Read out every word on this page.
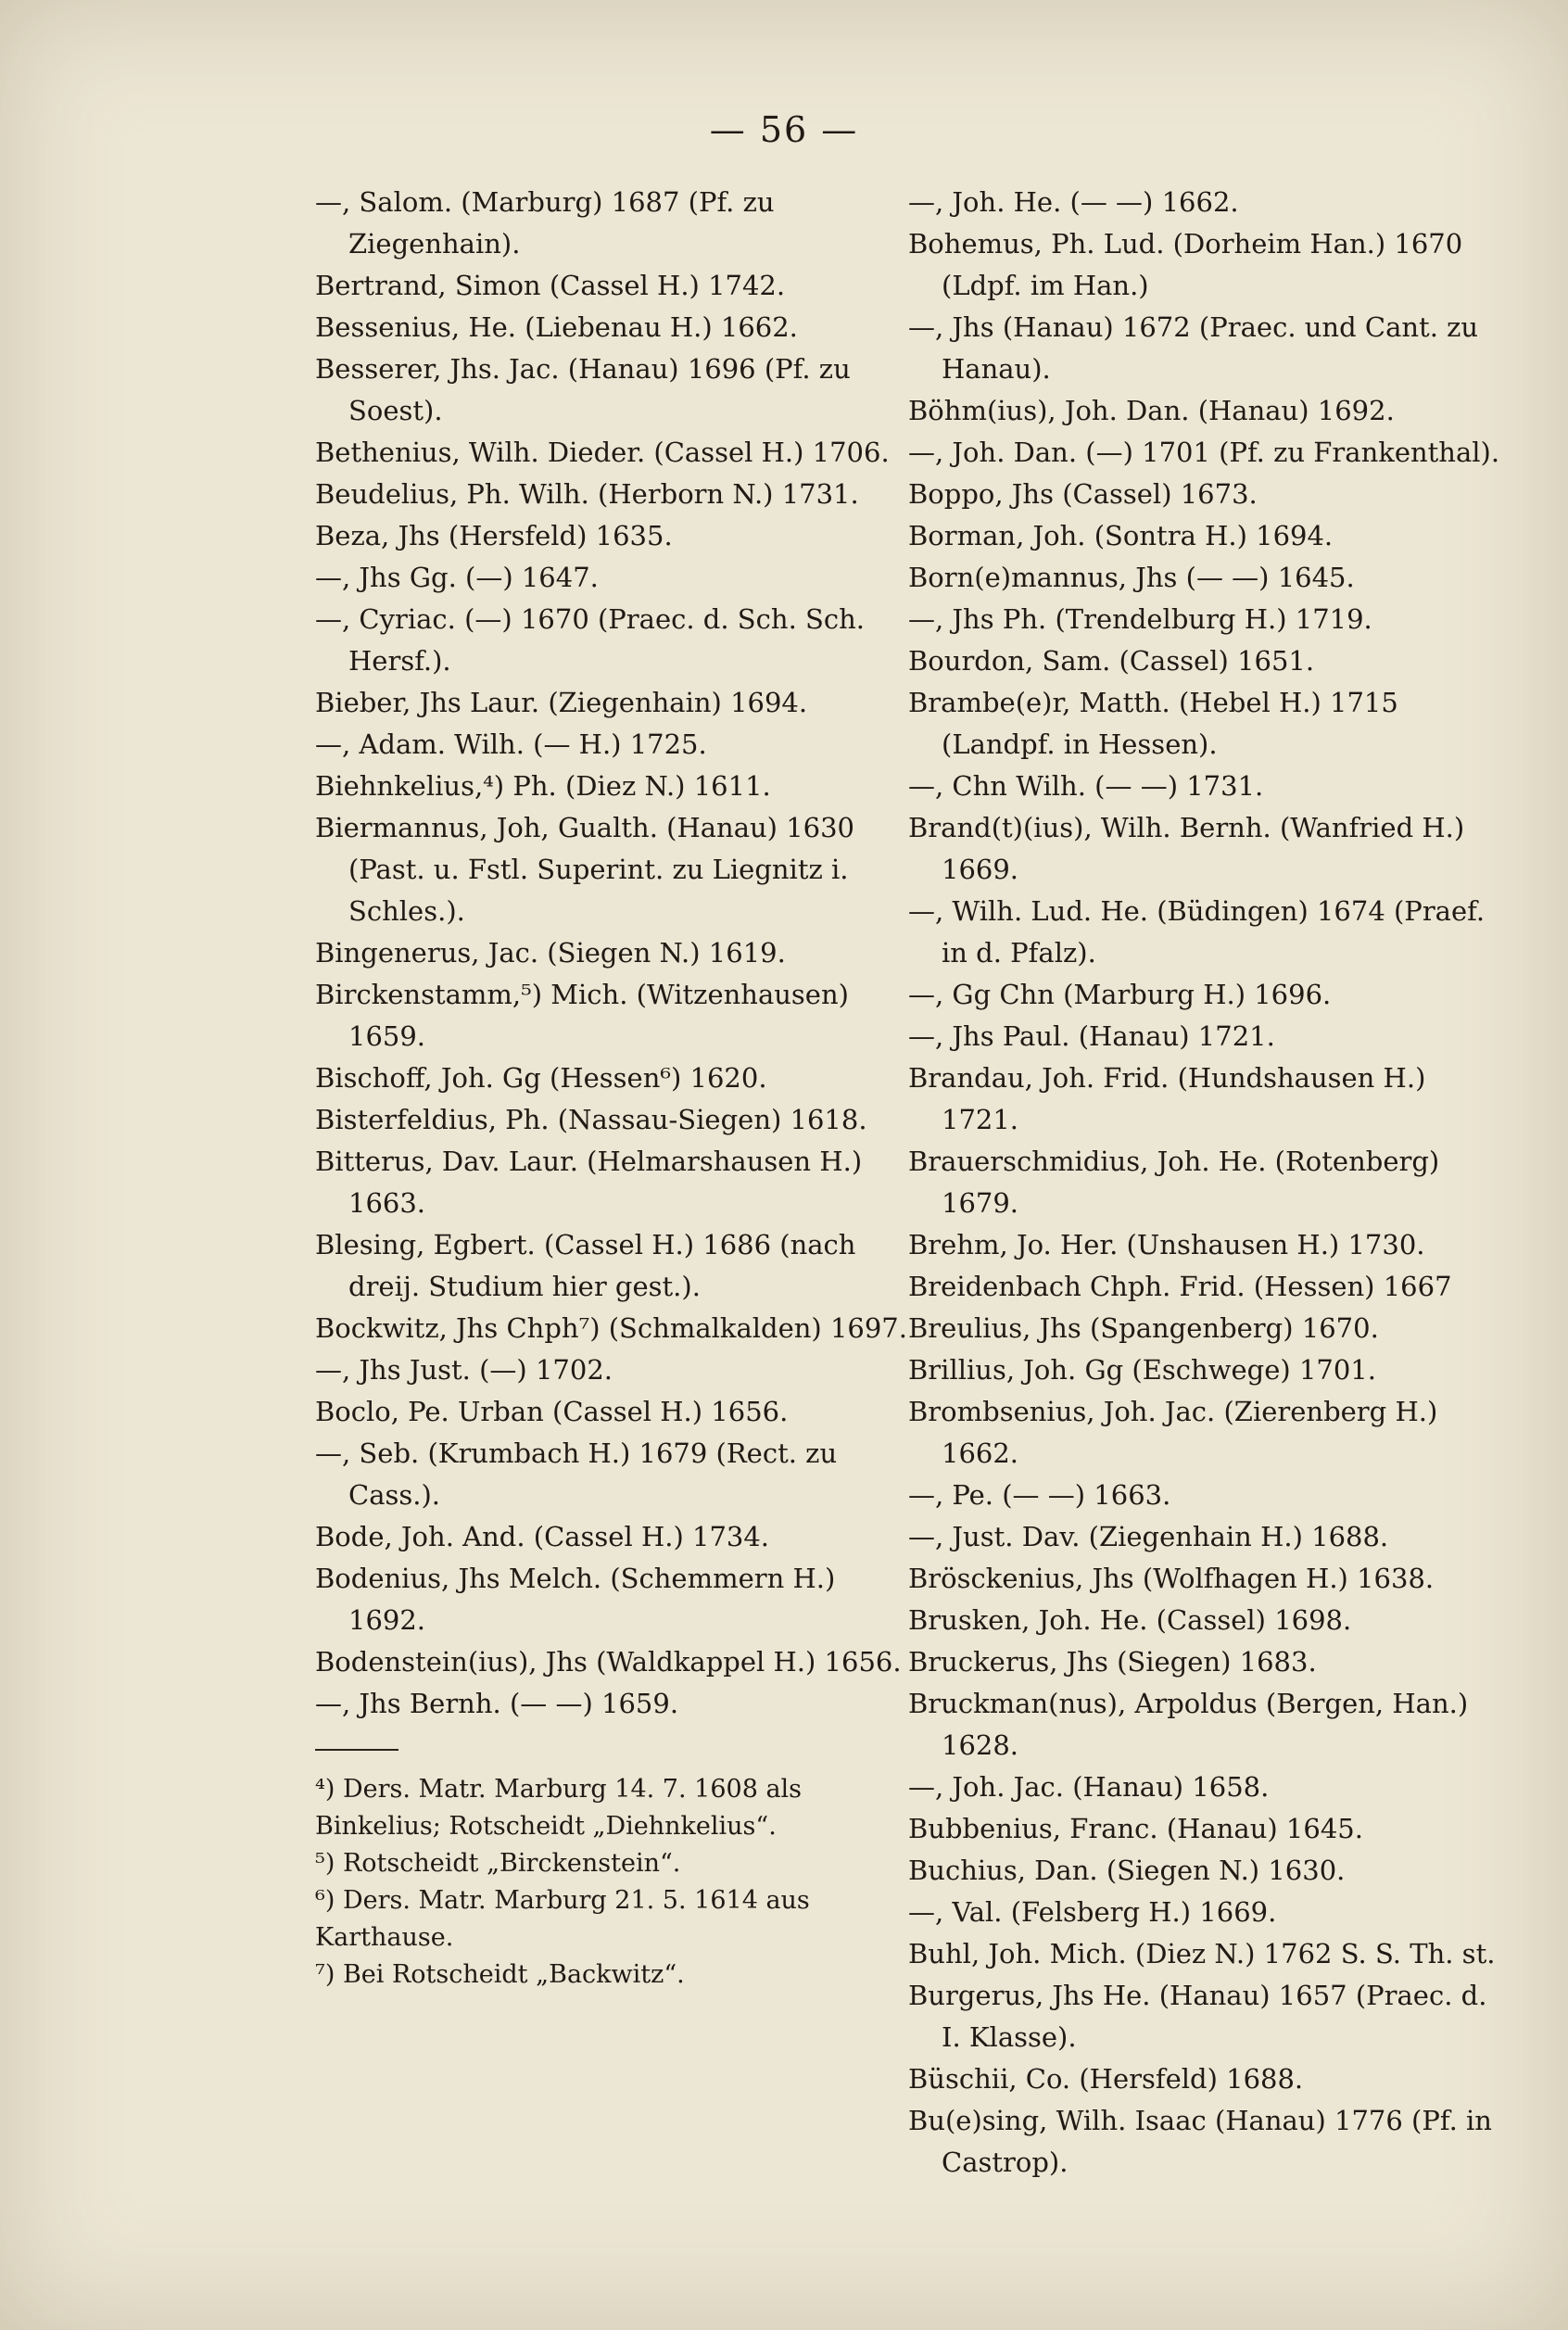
— 56 —

—, Salom. (Marburg) 1687 (Pf. zu Ziegenhain).

Bertrand, Simon (Cassel H.) 1742.

Bessenius, He. (Liebenau H.) 1662.

Besserer, Jhs. Jac. (Hanau) 1696 (Pf. zu Soest).

Bethenius, Wilh. Dieder. (Cassel H.) 1706.

Beudelius, Ph. Wilh. (Herborn N.) 1731.

Beza, Jhs (Hersfeld) 1635.

—, Jhs Gg. (—) 1647.

—, Cyriac. (—) 1670 (Praec. d. Sch. Sch. Hersf.).

Bieber, Jhs Laur. (Ziegenhain) 1694.

—, Adam. Wilh. (— H.) 1725.

Biehnkelius,⁴) Ph. (Diez N.) 1611.

Biermannus, Joh, Gualth. (Hanau) 1630 (Past. u. Fstl. Superint. zu Liegnitz i. Schles.).

Bingenerus, Jac. (Siegen N.) 1619.

Birckenstamm,⁵) Mich. (Witzenhausen) 1659.

Bischoff, Joh. Gg (Hessen⁶) 1620.

Bisterfeldius, Ph. (Nassau-Siegen) 1618.

Bitterus, Dav. Laur. (Helmarshausen H.) 1663.

Blesing, Egbert. (Cassel H.) 1686 (nach dreij. Studium hier gest.).

Bockwitz, Jhs Chph⁷) (Schmalkalden) 1697.

—, Jhs Just. (—) 1702.

Boclo, Pe. Urban (Cassel H.) 1656.

—, Seb. (Krumbach H.) 1679 (Rect. zu Cass.).

Bode, Joh. And. (Cassel H.) 1734.

Bodenius, Jhs Melch. (Schemmern H.) 1692.

Bodenstein(ius), Jhs (Waldkappel H.) 1656.

—, Jhs Bernh. (— —) 1659.

⁴) Ders. Matr. Marburg 14. 7. 1608 als Binkelius; Rotscheidt „Diehnkelius“.

⁵) Rotscheidt „Birckenstein“.

⁶) Ders. Matr. Marburg 21. 5. 1614 aus Karthause.

⁷) Bei Rotscheidt „Backwitz“.

—, Joh. He. (— —) 1662.

Bohemus, Ph. Lud. (Dorheim Han.) 1670 (Ldpf. im Han.)

—, Jhs (Hanau) 1672 (Praec. und Cant. zu Hanau).

Böhm(ius), Joh. Dan. (Hanau) 1692.

—, Joh. Dan. (—) 1701 (Pf. zu Frankenthal).

Boppo, Jhs (Cassel) 1673.

Borman, Joh. (Sontra H.) 1694.

Born(e)mannus, Jhs (— —) 1645.

—, Jhs Ph. (Trendelburg H.) 1719.

Bourdon, Sam. (Cassel) 1651.

Brambe(e)r, Matth. (Hebel H.) 1715 (Landpf. in Hessen).

—, Chn Wilh. (— —) 1731.

Brand(t)(ius), Wilh. Bernh. (Wanfried H.) 1669.

—, Wilh. Lud. He. (Büdingen) 1674 (Praef. in d. Pfalz).

—, Gg Chn (Marburg H.) 1696.

—, Jhs Paul. (Hanau) 1721.

Brandau, Joh. Frid. (Hundshausen H.) 1721.

Brauerschmidius, Joh. He. (Rotenberg) 1679.

Brehm, Jo. Her. (Unshausen H.) 1730.

Breidenbach Chph. Frid. (Hessen) 1667

Breulius, Jhs (Spangenberg) 1670.

Brillius, Joh. Gg (Eschwege) 1701.

Brombsenius, Joh. Jac. (Zierenberg H.) 1662.

—, Pe. (— —) 1663.

—, Just. Dav. (Ziegenhain H.) 1688.

Brösckenius, Jhs (Wolfhagen H.) 1638.

Brusken, Joh. He. (Cassel) 1698.

Bruckerus, Jhs (Siegen) 1683.

Bruckman(nus), Arpoldus (Bergen, Han.) 1628.

—, Joh. Jac. (Hanau) 1658.

Bubbenius, Franc. (Hanau) 1645.

Buchius, Dan. (Siegen N.) 1630.

—, Val. (Felsberg H.) 1669.

Buhl, Joh. Mich. (Diez N.) 1762 S. S. Th. st.

Burgerus, Jhs He. (Hanau) 1657 (Praec. d. I. Klasse).

Büschii, Co. (Hersfeld) 1688.

Bu(e)sing, Wilh. Isaac (Hanau) 1776 (Pf. in Castrop).
